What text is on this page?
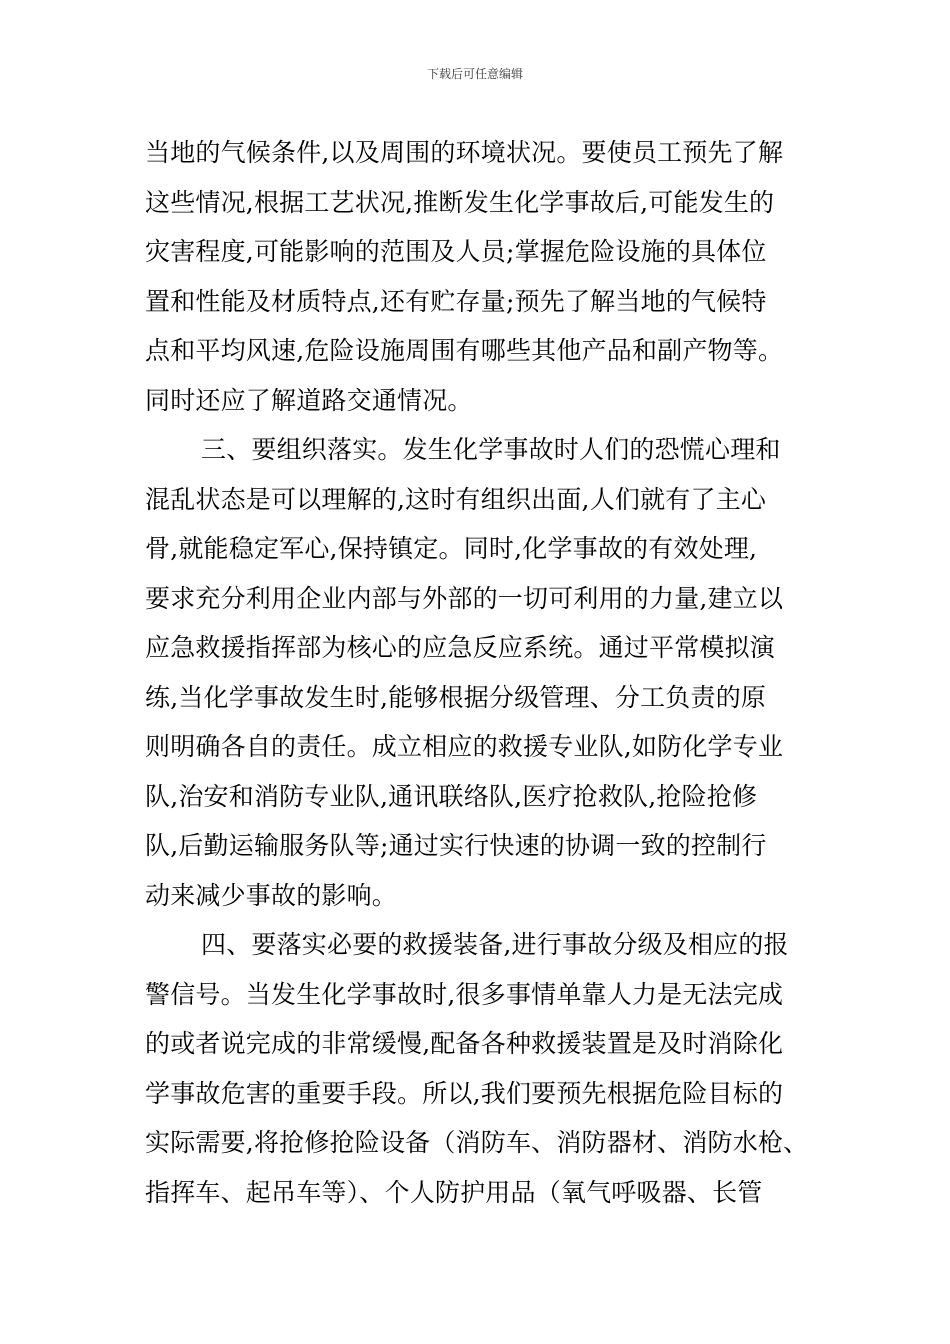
下载后可任意编辑
当地的气候条件,以及周围的环境状况。要使员工预先了解
这些情况,根据工艺状况,推断发生化学事故后,可能发生的
灾害程度,可能影响的范围及人员;掌握危险设施的具体位
置和性能及材质特点,还有贮存量;预先了解当地的气候特
点和平均风速,危险设施周围有哪些其他产品和副产物等。
同时还应了解道路交通情况。
三、要组织落实。发生化学事故时人们的恐慌心理和
混乱状态是可以理解的,这时有组织出面,人们就有了主心
骨,就能稳定军心,保持镇定。同时,化学事故的有效处理,
要求充分利用企业内部与外部的一切可利用的力量,建立以
应急救援指挥部为核心的应急反应系统。通过平常模拟演
练,当化学事故发生时,能够根据分级管理、分工负责的原
则明确各自的责任。成立相应的救援专业队,如防化学专业
队,治安和消防专业队,通讯联络队,医疗抢救队,抢险抢修
队,后勤运输服务队等;通过实行快速的协调一致的控制行
动来减少事故的影响。
四、要落实必要的救援装备,进行事故分级及相应的报
警信号。当发生化学事故时,很多事情单靠人力是无法完成
的或者说完成的非常缓慢,配备各种救援装置是及时消除化
学事故危害的重要手段。所以,我们要预先根据危险目标的
实际需要,将抢修抢险设备（消防车、消防器材、消防水枪、
指挥车、起吊车等）、个人防护用品（氧气呼吸器、长管
